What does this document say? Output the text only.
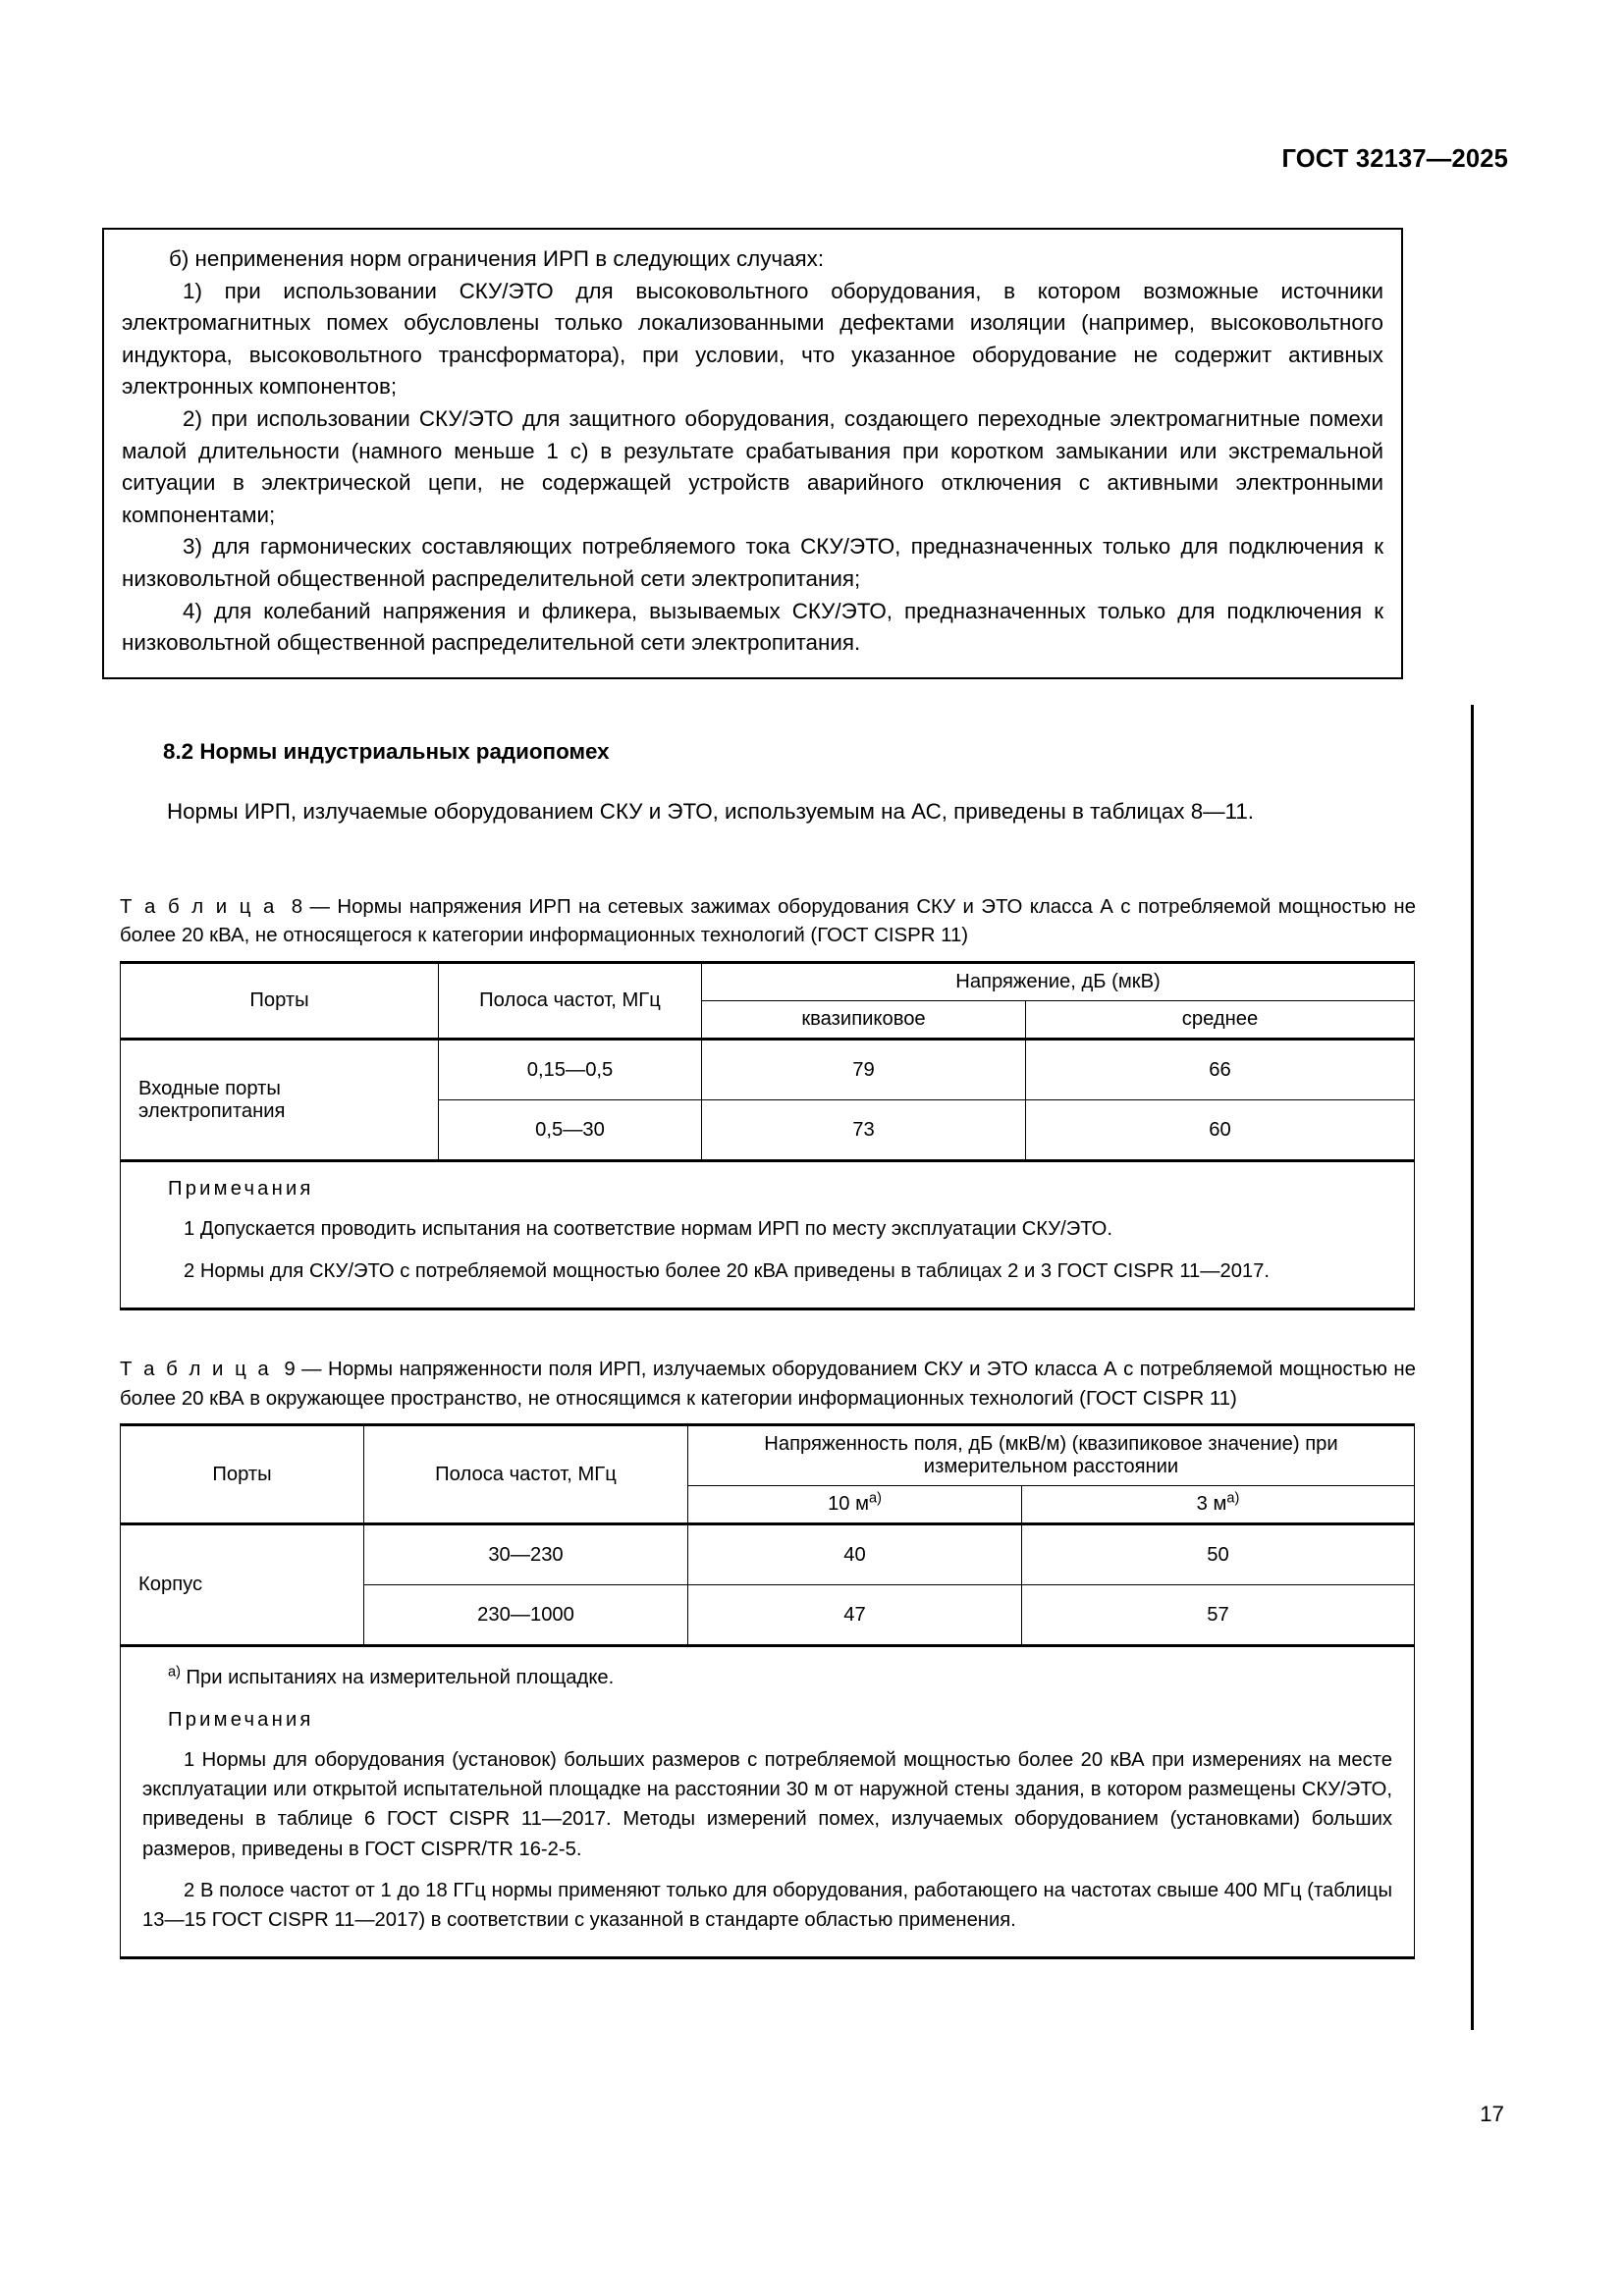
ГОСТ 32137—2025

б) неприменения норм ограничения ИРП в следующих случаях:

1) при использовании СКУ/ЭТО для высоковольтного оборудования, в котором возможные источники электромагнитных помех обусловлены только локализованными дефектами изоляции (например, высоковольтного индуктора, высоковольтного трансформатора), при условии, что указанное оборудование не содержит активных электронных компонентов;

2) при использовании СКУ/ЭТО для защитного оборудования, создающего переходные электромагнитные помехи малой длительности (намного меньше 1 с) в результате срабатывания при коротком замыкании или экстремальной ситуации в электрической цепи, не содержащей устройств аварийного отключения с активными электронными компонентами;

3) для гармонических составляющих потребляемого тока СКУ/ЭТО, предназначенных только для подключения к низковольтной общественной распределительной сети электропитания;

4) для колебаний напряжения и фликера, вызываемых СКУ/ЭТО, предназначенных только для подключения к низковольтной общественной распределительной сети электропитания.

8.2 Нормы индустриальных радиопомех

Нормы ИРП, излучаемые оборудованием СКУ и ЭТО, используемым на АС, приведены в таблицах 8—11.

Т а б л и ц а 8 — Нормы напряжения ИРП на сетевых зажимах оборудования СКУ и ЭТО класса А с потребляемой мощностью не более 20 кВА, не относящегося к категории информационных технологий (ГОСТ CISPR 11)

Порты	Полоса частот, МГц	Напряжение, дБ (мкВ)	
		квазипиковое	среднее
Входные порты электропитания	0,15—0,5	79	66
	0,5—30	73	60

Примечания

1 Допускается проводить испытания на соответствие нормам ИРП по месту эксплуатации СКУ/ЭТО.

2 Нормы для СКУ/ЭТО с потребляемой мощностью более 20 кВА приведены в таблицах 2 и 3 ГОСТ CISPR 11—2017.			

Т а б л и ц а 9 — Нормы напряженности поля ИРП, излучаемых оборудованием СКУ и ЭТО класса А с потребляемой мощностью не более 20 кВА в окружающее пространство, не относящимся к категории информационных технологий (ГОСТ CISPR 11)

Порты	Полоса частот, МГц	Напряженность поля, дБ (мкВ/м) (квазипиковое значение) при измерительном расстоянии	
		10 $м^{а)}$	3 $м^{а)}$
Корпус	30—230	40	50
	230—1000	47	57

$^{а)}$ При испытаниях на измерительной площадке.

Примечания

1 Нормы для оборудования (установок) больших размеров с потребляемой мощностью более 20 кВА при измерениях на месте эксплуатации или открытой испытательной площадке на расстоянии 30 м от наружной стены здания, в котором размещены СКУ/ЭТО, приведены в таблице 6 ГОСТ CISPR 11—2017. Методы измерений помех, излучаемых оборудованием (установками) больших размеров, приведены в ГОСТ CISPR/TR 16-2-5.

2 В полосе частот от 1 до 18 ГГц нормы применяют только для оборудования, работающего на частотах свыше 400 МГц (таблицы 13—15 ГОСТ CISPR 11—2017) в соответствии с указанной в стандарте областью применения.			

17
